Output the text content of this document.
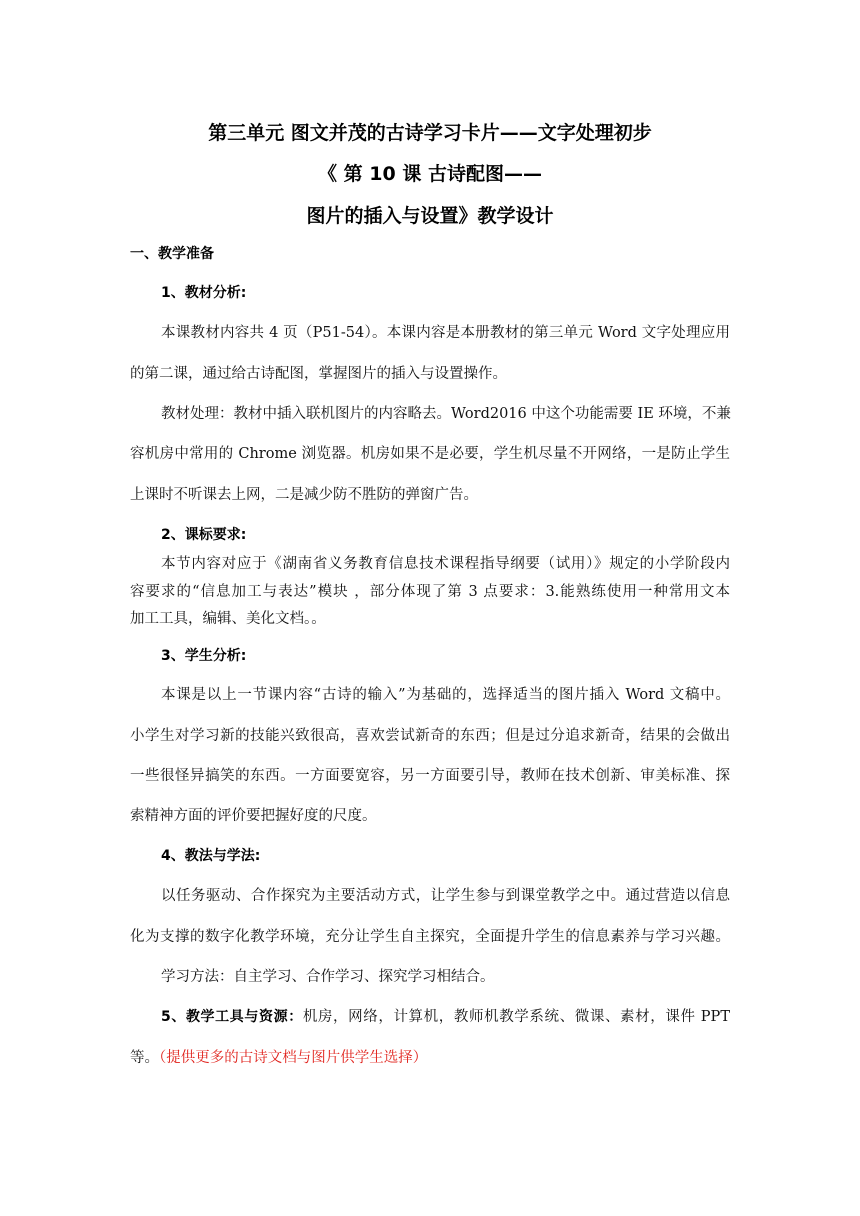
第三单元 图文并茂的古诗学习卡片——文字处理初步
《 第 10 课 古诗配图——
图片的插入与设置》教学设计
一、教学准备
1、教材分析:
本课教材内容共 4 页（P51-54）。本课内容是本册教材的第三单元 Word 文字处理应用
的第二课，通过给古诗配图，掌握图片的插入与设置操作。
教材处理：教材中插入联机图片的内容略去。Word2016 中这个功能需要 IE 环境，不兼
容机房中常用的 Chrome 浏览器。机房如果不是必要，学生机尽量不开网络，一是防止学生
上课时不听课去上网，二是减少防不胜防的弹窗广告。
2、课标要求:
本节内容对应于《湖南省义务教育信息技术课程指导纲要（试用）》规定的小学阶段内
容要求的“信息加工与表达”模块 ，部分体现了第 3 点要求：3.能熟练使用一种常用文本
加工工具，编辑、美化文档。。
3、学生分析:
本课是以上一节课内容“古诗的输入”为基础的，选择适当的图片插入 Word 文稿中。
小学生对学习新的技能兴致很高，喜欢尝试新奇的东西；但是过分追求新奇，结果的会做出
一些很怪异搞笑的东西。一方面要宽容，另一方面要引导，教师在技术创新、审美标准、探
索精神方面的评价要把握好度的尺度。
4、教法与学法:
以任务驱动、合作探究为主要活动方式，让学生参与到课堂教学之中。通过营造以信息
化为支撑的数字化教学环境，充分让学生自主探究，全面提升学生的信息素养与学习兴趣。
学习方法：自主学习、合作学习、探究学习相结合。
5、教学工具与资源：机房，网络，计算机，教师机教学系统、微课、素材，课件 PPT
等。（提供更多的古诗文档与图片供学生选择）
